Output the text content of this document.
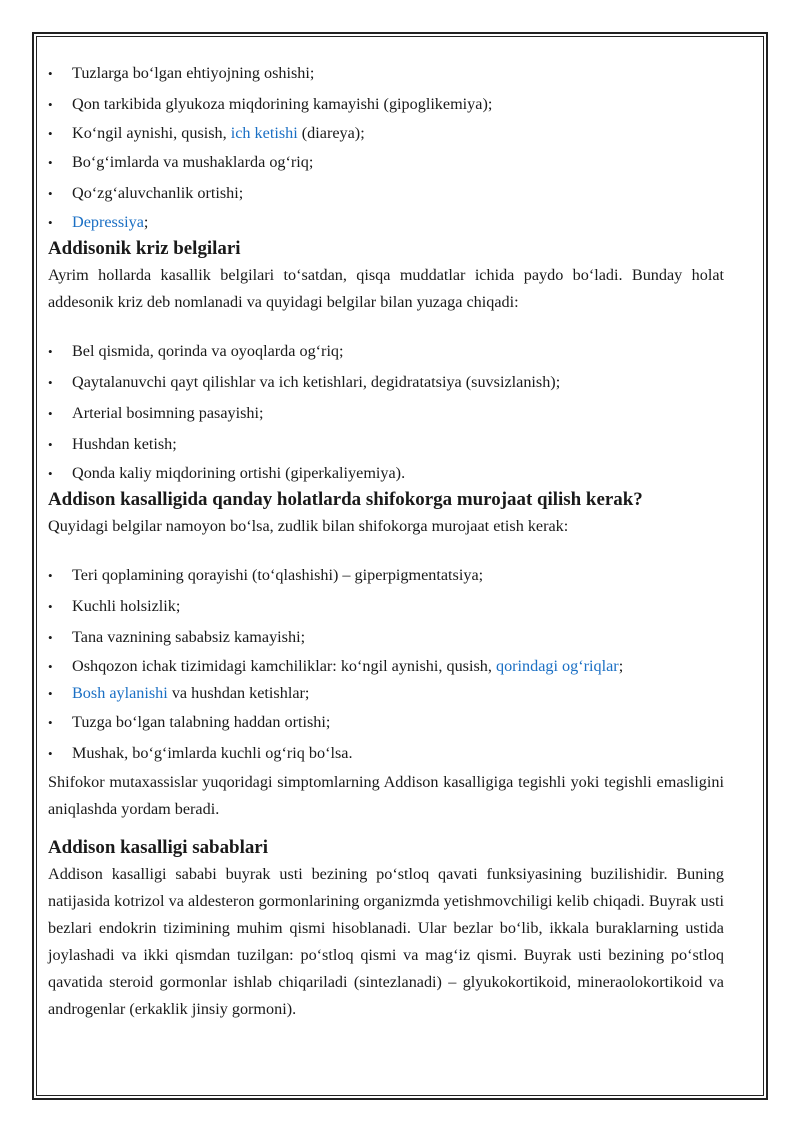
• Tuzlarga bo‘lgan ehtiyojning oshishi;
• Qon tarkibida glyukoza miqdorining kamayishi (gipoglikemiya);
• Ko‘ngil aynishi, qusish, ich ketishi (diareya);
• Bo‘g‘imlarda va mushaklarda og‘riq;
• Qo‘zg‘aluvchanlik ortishi;
• Depressiya;
Addisonik kriz belgilari

Ayrim hollarda kasallik belgilari to‘satdan, qisqa muddatlar ichida paydo bo‘ladi. Bunday holat addesonik kriz deb nomlanadi va quyidagi belgilar bilan yuzaga chiqadi:

• Bel qismida, qorinda va oyoqlarda og‘riq;
• Qaytalanuvchi qayt qilishlar va ich ketishlari, degidratatsiya (suvsizlanish);
• Arterial bosimning pasayishi;
• Hushdan ketish;
• Qonda kaliy miqdorining ortishi (giperkaliyemiya).
Addison kasalligida qanday holatlarda shifokorga murojaat qilish kerak?

Quyidagi belgilar namoyon bo‘lsa, zudlik bilan shifokorga murojaat etish kerak:

• Teri qoplamining qorayishi (to‘qlashishi) – giperpigmentatsiya;
• Kuchli holsizlik;
• Tana vaznining sababsiz kamayishi;
• Oshqozon ichak tizimidagi kamchiliklar: ko‘ngil aynishi, qusish, qorindagi og‘riqlar;
• Bosh aylanishi va hushdan ketishlar;
• Tuzga bo‘lgan talabning haddan ortishi;
• Mushak, bo‘g‘imlarda kuchli og‘riq bo‘lsa.

Shifokor mutaxassislar yuqoridagi simptomlarning Addison kasalligiga tegishli yoki tegishli emasligini aniqlashda yordam beradi.

Addison kasalligi sabablari

Addison kasalligi sababi buyrak usti bezining po‘stloq qavati funksiyasining buzilishidir. Buning natijasida kotrizol va aldesteron gormonlarining organizmda yetishmovchiligi kelib chiqadi. Buyrak usti bezlari endokrin tizimining muhim qismi hisoblanadi. Ular bezlar bo‘lib, ikkala buraklarning ustida joylashadi va ikki qismdan tuzilgan: po‘stloq qismi va mag‘iz qismi. Buyrak usti bezining po‘stloq qavatida steroid gormonlar ishlab chiqariladi (sintezlanadi) – glyukokortikoid, mineraolokortikoid va androgenlar (erkaklik jinsiy gormoni).
